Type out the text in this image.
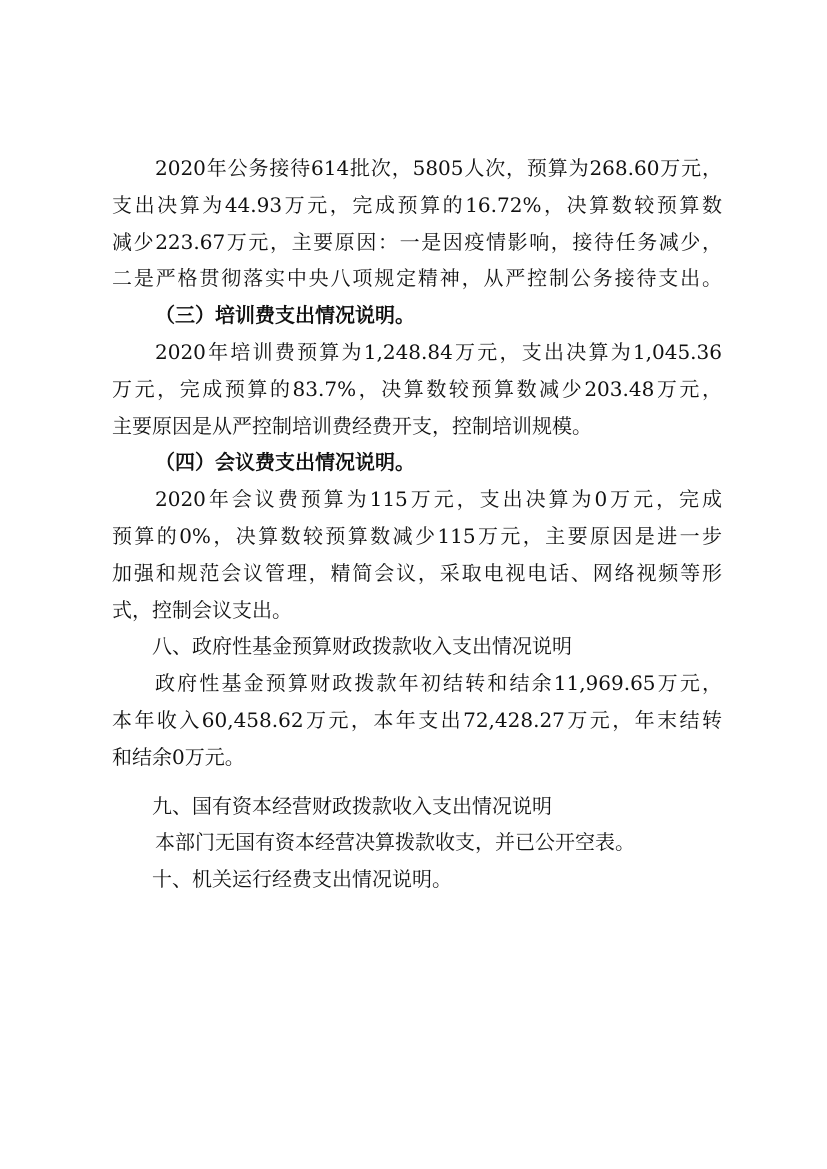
2020年公务接待614批次，5805人次，预算为268.60万元，
支出决算为44.93万元，完成预算的16.72%，决算数较预算数
减少223.67万元，主要原因：一是因疫情影响，接待任务减少，
二是严格贯彻落实中央八项规定精神，从严控制公务接待支出。
（三）培训费支出情况说明。
2020年培训费预算为1,248.84万元，支出决算为1,045.36
万元，完成预算的83.7%，决算数较预算数减少203.48万元，
主要原因是从严控制培训费经费开支，控制培训规模。
（四）会议费支出情况说明。
2020年会议费预算为115万元，支出决算为0万元，完成
预算的0%，决算数较预算数减少115万元，主要原因是进一步
加强和规范会议管理，精简会议，采取电视电话、网络视频等形
式，控制会议支出。
八、政府性基金预算财政拨款收入支出情况说明
政府性基金预算财政拨款年初结转和结余11,969.65万元，
本年收入60,458.62万元，本年支出72,428.27万元，年末结转
和结余0万元。
九、国有资本经营财政拨款收入支出情况说明
本部门无国有资本经营决算拨款收支，并已公开空表。
十、机关运行经费支出情况说明。
